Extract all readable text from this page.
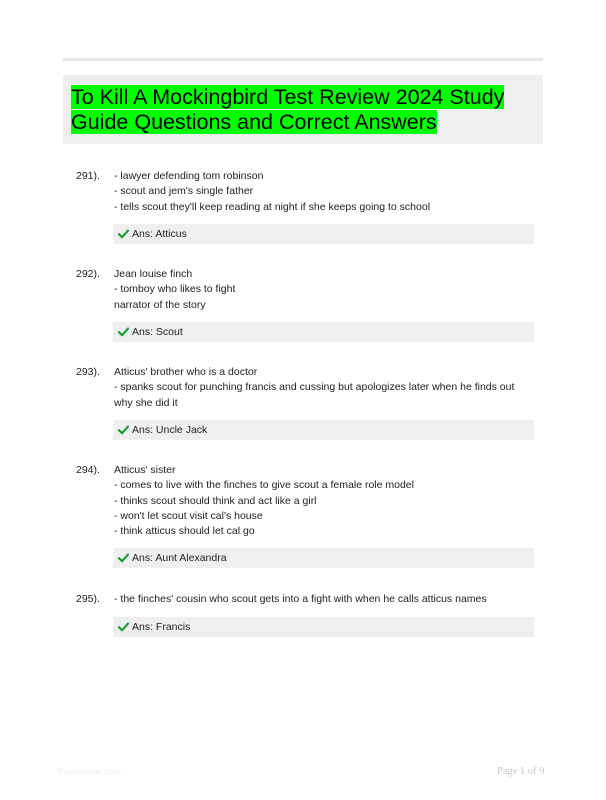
To Kill A Mockingbird Test Review 2024 Study
Guide Questions and Correct Answers
291). - lawyer defending tom robinson
- scout and jem's single father
- tells scout they'll keep reading at night if she keeps going to school
Ans: Atticus
292). Jean louise finch
- tomboy who likes to fight
narrator of the story
Ans: Scout
293). Atticus' brother who is a doctor
- spanks scout for punching francis and cussing but apologizes later when he finds out
why she did it
Ans: Uncle Jack
294). Atticus' sister
- comes to live with the finches to give scout a female role model
- thinks scout should think and act like a girl
- won't let scout visit cal's house
- think atticus should let cal go
Ans: Aunt Alexandra
295). - the finches' cousin who scout gets into a fight with when he calls atticus names
Ans: Francis
Paperbank.com	Page 1 of 9
